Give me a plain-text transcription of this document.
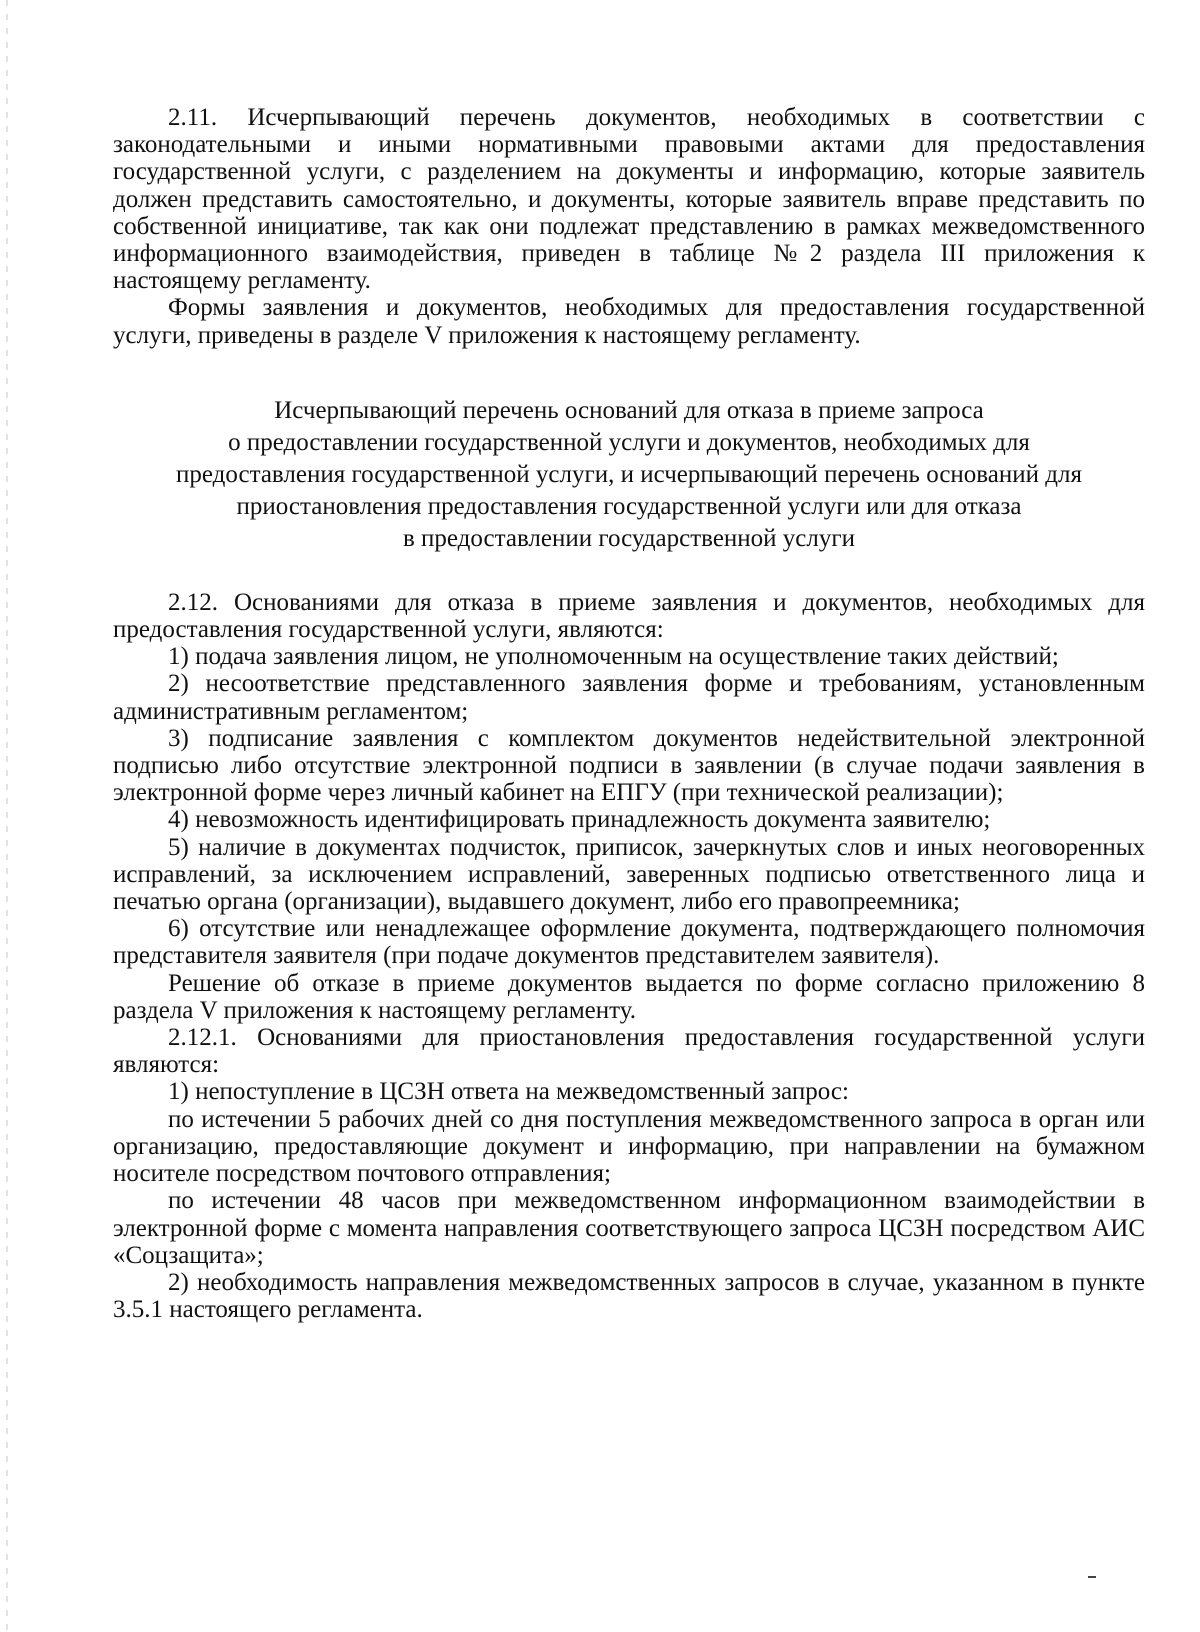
2.11. Исчерпывающий перечень документов, необходимых в соответствии с законодательными и иными нормативными правовыми актами для предоставления государственной услуги, с разделением на документы и информацию, которые заявитель должен представить самостоятельно, и документы, которые заявитель вправе представить по собственной инициативе, так как они подлежат представлению в рамках межведомственного информационного взаимодействия, приведен в таблице №2 раздела III приложения к настоящему регламенту.

Формы заявления и документов, необходимых для предоставления государственной услуги, приведены в разделе V приложения к настоящему регламенту.

Исчерпывающий перечень оснований для отказа в приеме запроса

о предоставлении государственной услуги и документов, необходимых для

предоставления государственной услуги, и исчерпывающий перечень оснований для

приостановления предоставления государственной услуги или для отказа

в предоставлении государственной услуги

2.12. Основаниями для отказа в приеме заявления и документов, необходимых для предоставления государственной услуги, являются:

1) подача заявления лицом, не уполномоченным на осуществление таких действий;

2) несоответствие представленного заявления форме и требованиям, установленным административным регламентом;

3) подписание заявления с комплектом документов недействительной электронной подписью либо отсутствие электронной подписи в заявлении (в случае подачи заявления в электронной форме через личный кабинет на ЕПГУ (при технической реализации);

4) невозможность идентифицировать принадлежность документа заявителю;

5) наличие в документах подчисток, приписок, зачеркнутых слов и иных неоговоренных исправлений, за исключением исправлений, заверенных подписью ответственного лица и печатью органа (организации), выдавшего документ, либо его правопреемника;

6) отсутствие или ненадлежащее оформление документа, подтверждающего полномочия представителя заявителя (при подаче документов представителем заявителя).

Решение об отказе в приеме документов выдается по форме согласно приложению 8 раздела V приложения к настоящему регламенту.

2.12.1. Основаниями для приостановления предоставления государственной услуги являются:

1) непоступление в ЦСЗН ответа на межведомственный запрос:

по истечении 5 рабочих дней со дня поступления межведомственного запроса в орган или организацию, предоставляющие документ и информацию, при направлении на бумажном носителе посредством почтового отправления;

по истечении 48 часов при межведомственном информационном взаимодействии в электронной форме с момента направления соответствующего запроса ЦСЗН посредством АИС «Соцзащита»;

2) необходимость направления межведомственных запросов в случае, указанном в пункте 3.5.1 настоящего регламента.
